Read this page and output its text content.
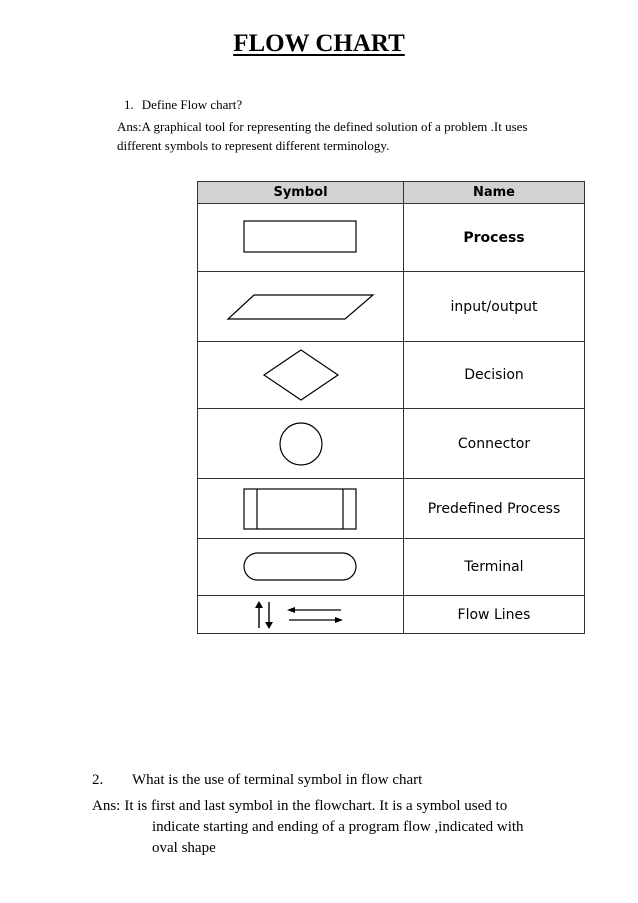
FLOW CHART
1. Define Flow chart?
Ans:A graphical tool for representing the defined solution of a problem .It uses
different symbols to represent different terminology.
Symbol	Name

	Process

	input/output

	Decision

	Connector

	Predefined Process

	Terminal

	Flow Lines
2. What is the use of terminal symbol in flow chart
Ans: It is first and last symbol in the flowchart. It is a symbol used to
indicate starting and ending of a program flow ,indicated with
oval shape
